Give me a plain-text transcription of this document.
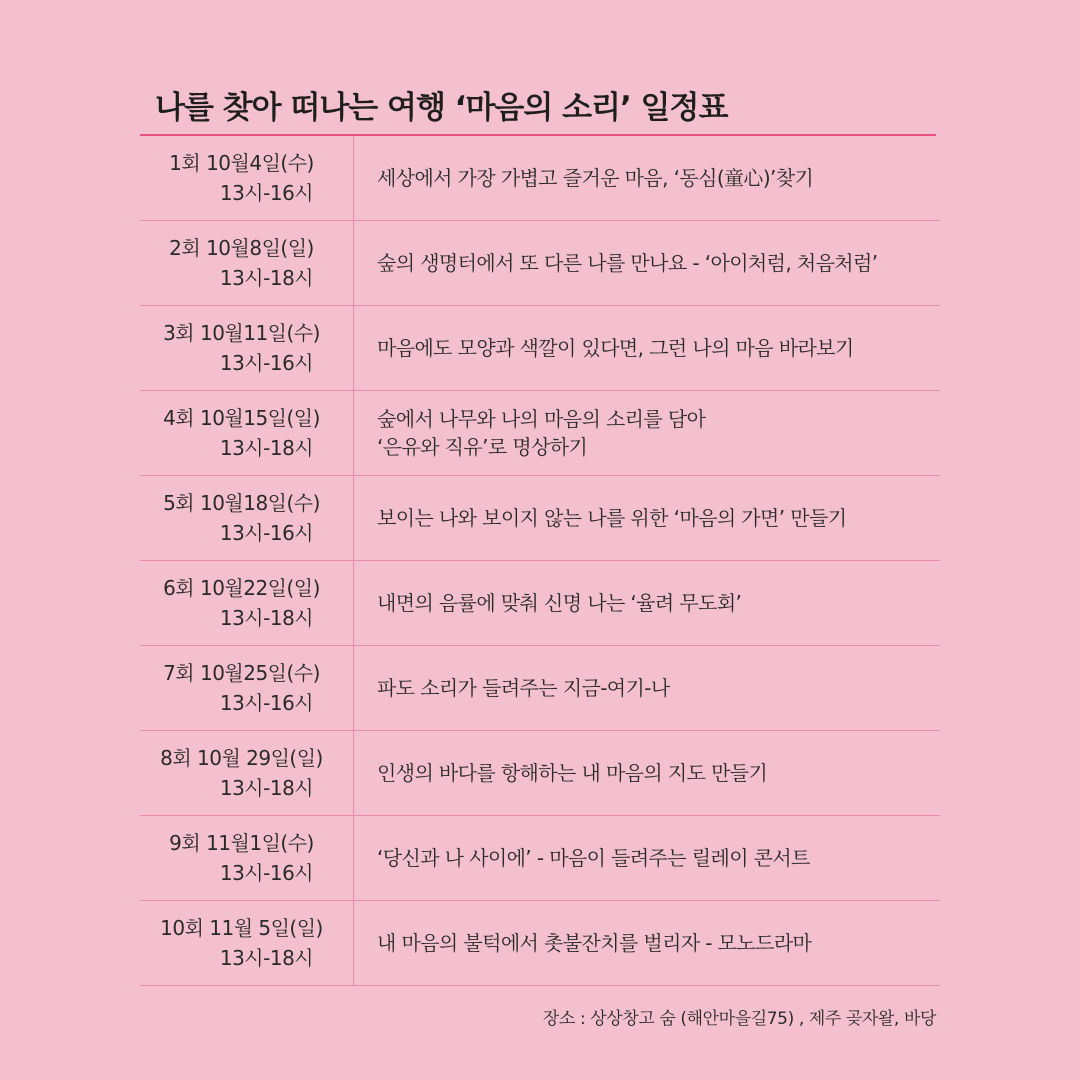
나를 찾아 떠나는 여행 ‘마음의 소리’ 일정표
1회 10월4일(수)
13시-16시
세상에서 가장 가볍고 즐거운 마음, ‘동심(童心)’찾기
2회 10월8일(일)
13시-18시
숲의 생명터에서 또 다른 나를 만나요 - ‘아이처럼, 처음처럼’
3회 10월11일(수)
13시-16시
마음에도 모양과 색깔이 있다면, 그런 나의 마음 바라보기
4회 10월15일(일)
13시-18시
숲에서 나무와 나의 마음의 소리를 담아
‘은유와 직유’로 명상하기
5회 10월18일(수)
13시-16시
보이는 나와 보이지 않는 나를 위한 ‘마음의 가면’ 만들기
6회 10월22일(일)
13시-18시
내면의 음률에 맞춰 신명 나는 ‘율려 무도회’
7회 10월25일(수)
13시-16시
파도 소리가 들려주는 지금-여기-나
8회 10월 29일(일)
13시-18시
인생의 바다를 항해하는 내 마음의 지도 만들기
9회 11월1일(수)
13시-16시
‘당신과 나 사이에’ - 마음이 들려주는 릴레이 콘서트
10회 11월 5일(일)
13시-18시
내 마음의 불턱에서 촛불잔치를 벌리자 - 모노드라마
장소 : 상상창고 숨 (해안마을길75) , 제주 곶자왈, 바당
